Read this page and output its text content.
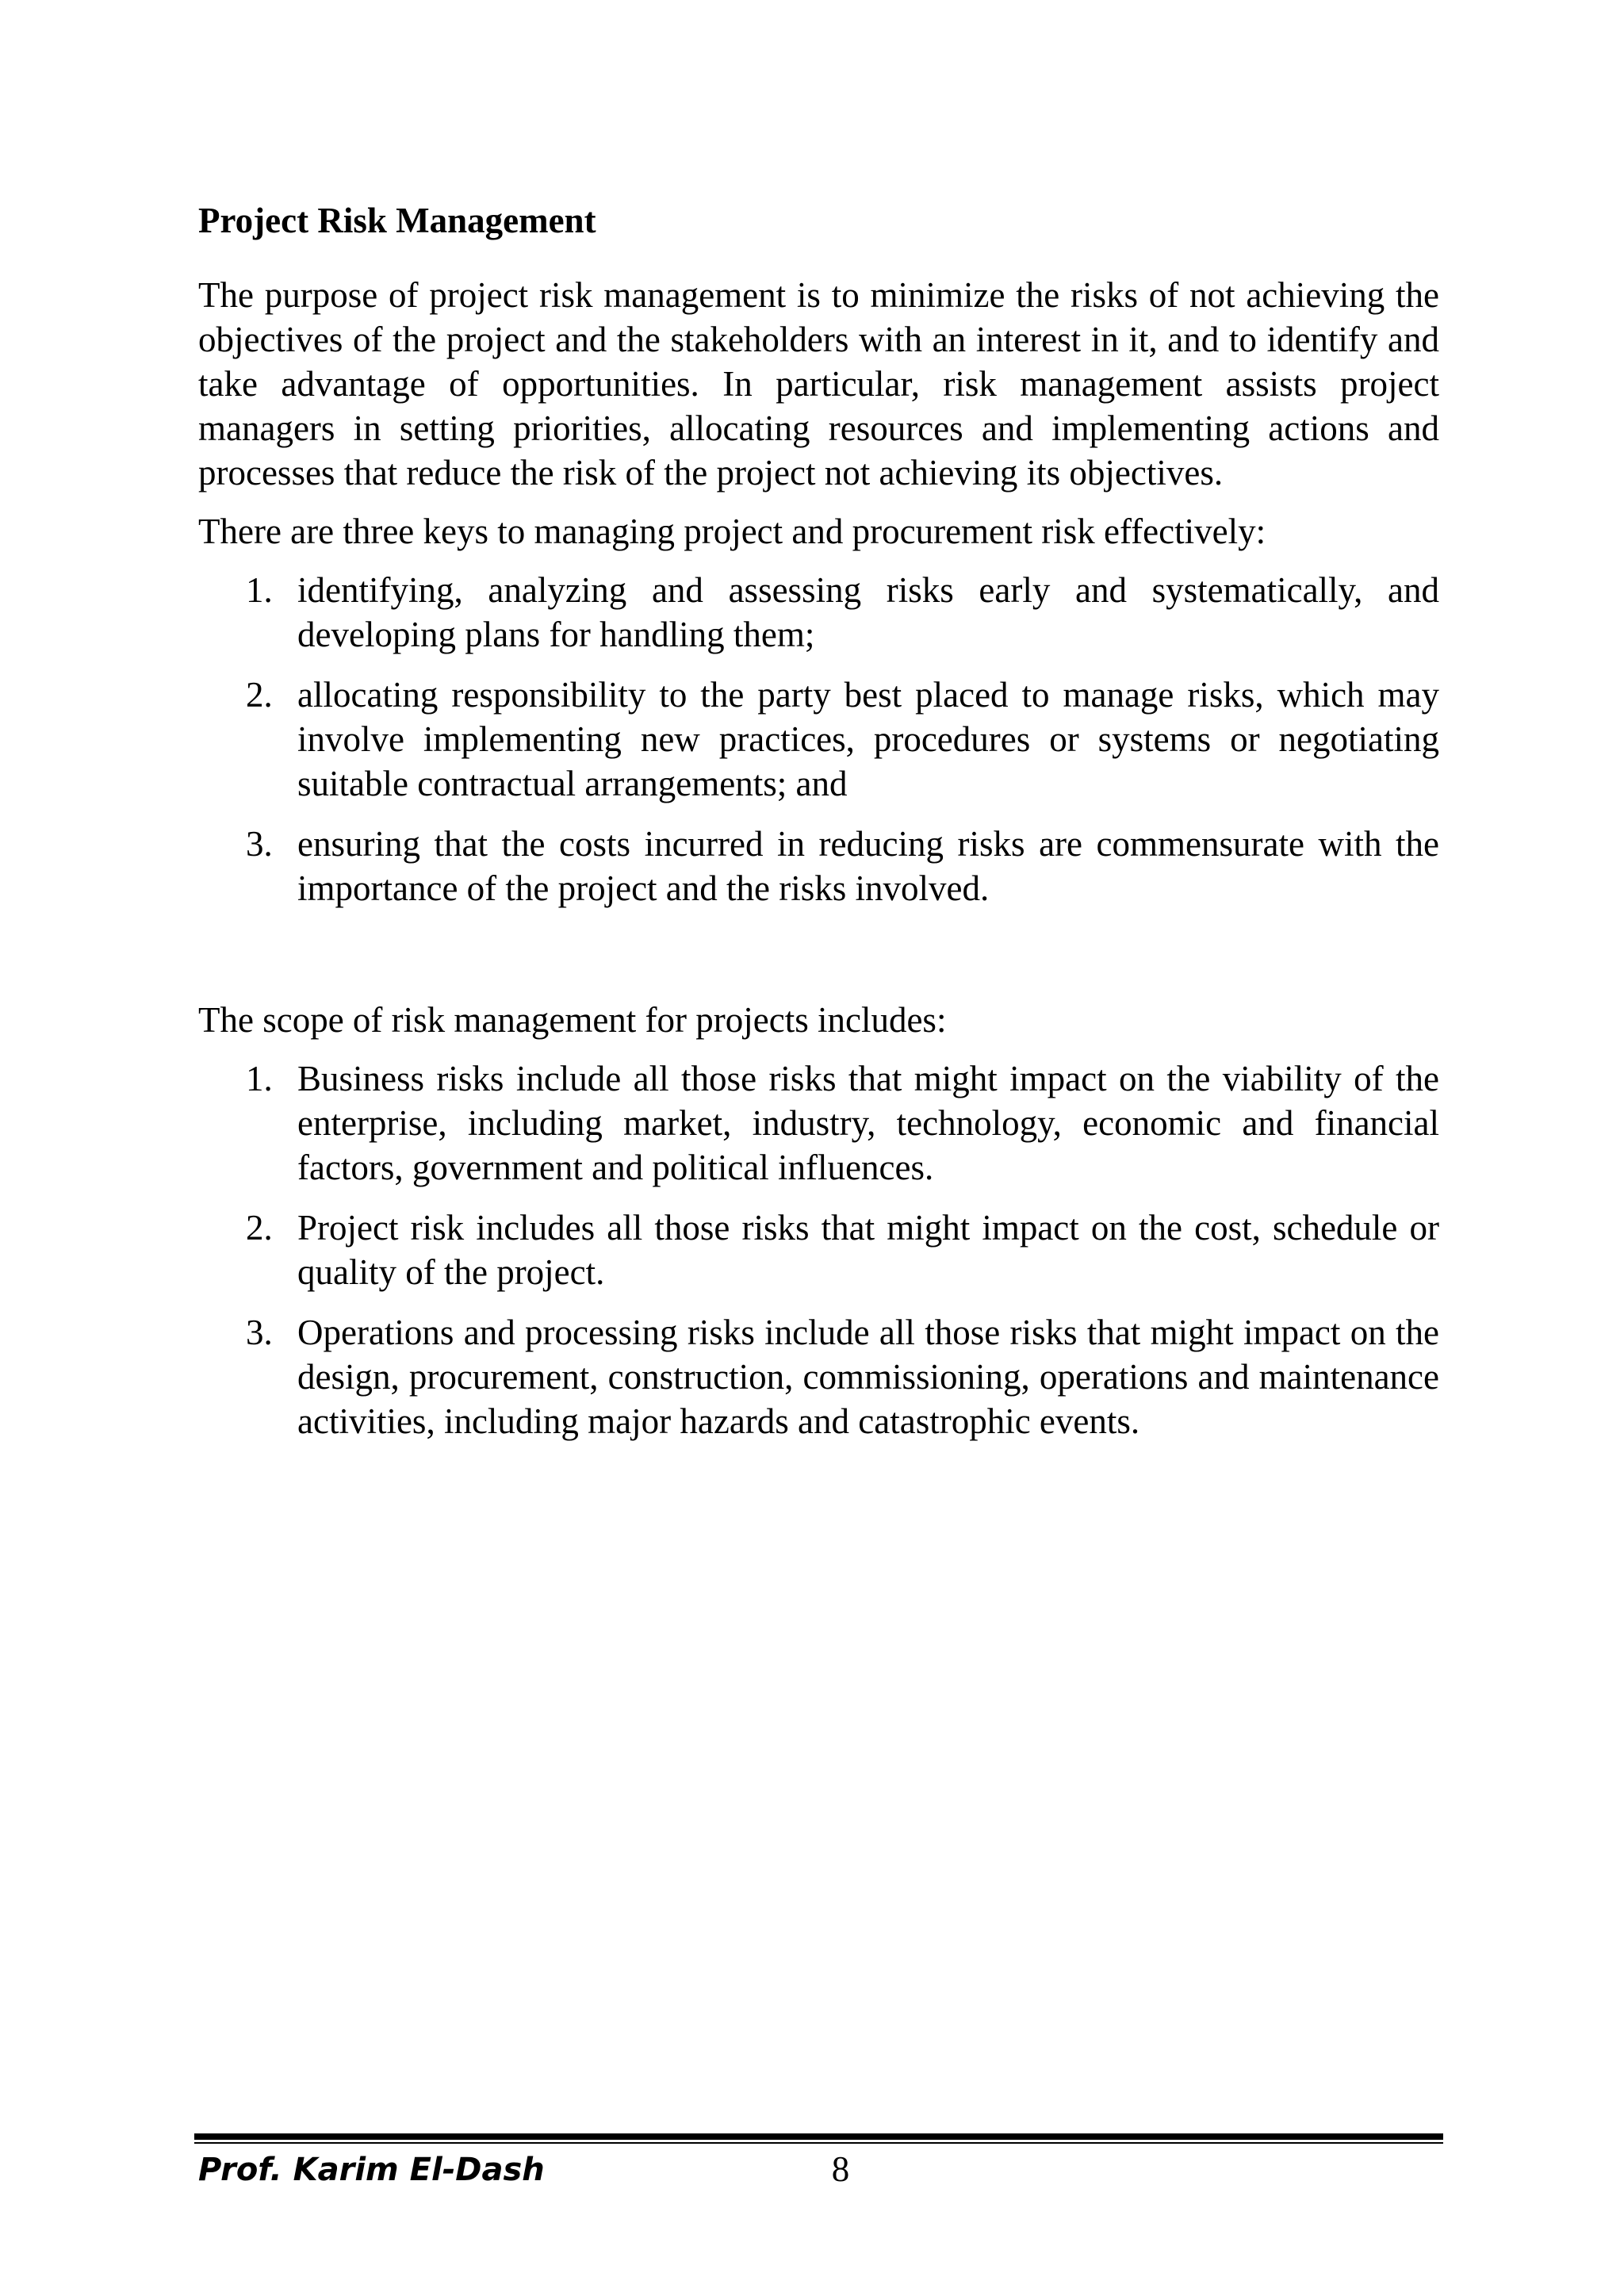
Project Risk Management

The purpose of project risk management is to minimize the risks of not achieving the objectives of the project and the stakeholders with an interest in it, and to identify and take advantage of opportunities. In particular, risk management assists project managers in setting priorities, allocating resources and implementing actions and processes that reduce the risk of the project not achieving its objectives.

There are three keys to managing project and procurement risk effectively:

1. identifying, analyzing and assessing risks early and systematically, and developing plans for handling them;
2. allocating responsibility to the party best placed to manage risks, which may involve implementing new practices, procedures or systems or negotiating suitable contractual arrangements; and
3. ensuring that the costs incurred in reducing risks are commensurate with the importance of the project and the risks involved.

The scope of risk management for projects includes:

1. Business risks include all those risks that might impact on the viability of the enterprise, including market, industry, technology, economic and financial factors, government and political influences.
2. Project risk includes all those risks that might impact on the cost, schedule or quality of the project.
3. Operations and processing risks include all those risks that might impact on the design, procurement, construction, commissioning, operations and maintenance activities, including major hazards and catastrophic events.
Prof. Karim El-Dash	8
